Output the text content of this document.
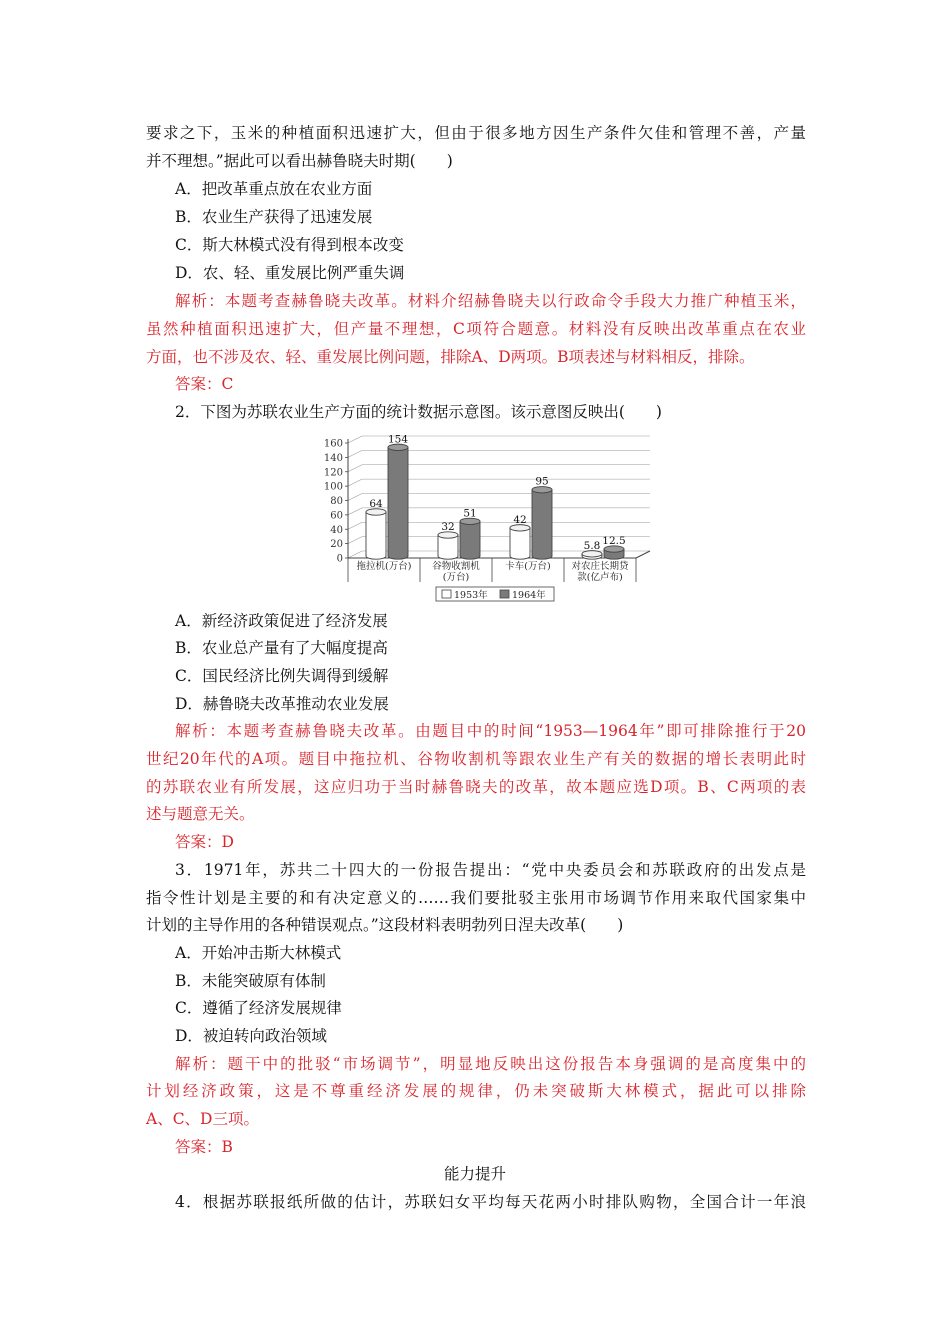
要求之下，玉米的种植面积迅速扩大，但由于很多地方因生产条件欠佳和管理不善，产量
并不理想。”据此可以看出赫鲁晓夫时期(　　)
A．把改革重点放在农业方面
B．农业生产获得了迅速发展
C．斯大林模式没有得到根本改变
D．农、轻、重发展比例严重失调
解析：本题考查赫鲁晓夫改革。材料介绍赫鲁晓夫以行政命令手段大力推广种植玉米，
虽然种植面积迅速扩大，但产量不理想，C项符合题意。材料没有反映出改革重点在农业
方面，也不涉及农、轻、重发展比例问题，排除A、D两项。B项表述与材料相反，排除。
答案：C
2．下图为苏联农业生产方面的统计数据示意图。该示意图反映出(　　)
0
20
40
60
80
100
120
140
160
拖拉机(万台) 谷物收割机
(万台)
卡车(万台) 对农庄长期贷
款(亿卢布)
64
32
42
5.8
154
51
95
12.5
1953年	1964年
A．新经济政策促进了经济发展
B．农业总产量有了大幅度提高
C．国民经济比例失调得到缓解
D．赫鲁晓夫改革推动农业发展
解析：本题考查赫鲁晓夫改革。由题目中的时间“1953—1964年”即可排除推行于20
世纪20年代的A项。题目中拖拉机、谷物收割机等跟农业生产有关的数据的增长表明此时
的苏联农业有所发展，这应归功于当时赫鲁晓夫的改革，故本题应选D项。B、C两项的表
述与题意无关。
答案：D
3．1971年，苏共二十四大的一份报告提出：“党中央委员会和苏联政府的出发点是
指令性计划是主要的和有决定意义的……我们要批驳主张用市场调节作用来取代国家集中
计划的主导作用的各种错误观点。”这段材料表明勃列日涅夫改革(　　)
A．开始冲击斯大林模式
B．未能突破原有体制
C．遵循了经济发展规律
D．被迫转向政治领域
解析：题干中的批驳“市场调节”，明显地反映出这份报告本身强调的是高度集中的
计划经济政策，这是不尊重经济发展的规律，仍未突破斯大林模式，据此可以排除
A、C、D三项。
答案：B
能力提升
4．根据苏联报纸所做的估计，苏联妇女平均每天花两小时排队购物，全国合计一年浪
